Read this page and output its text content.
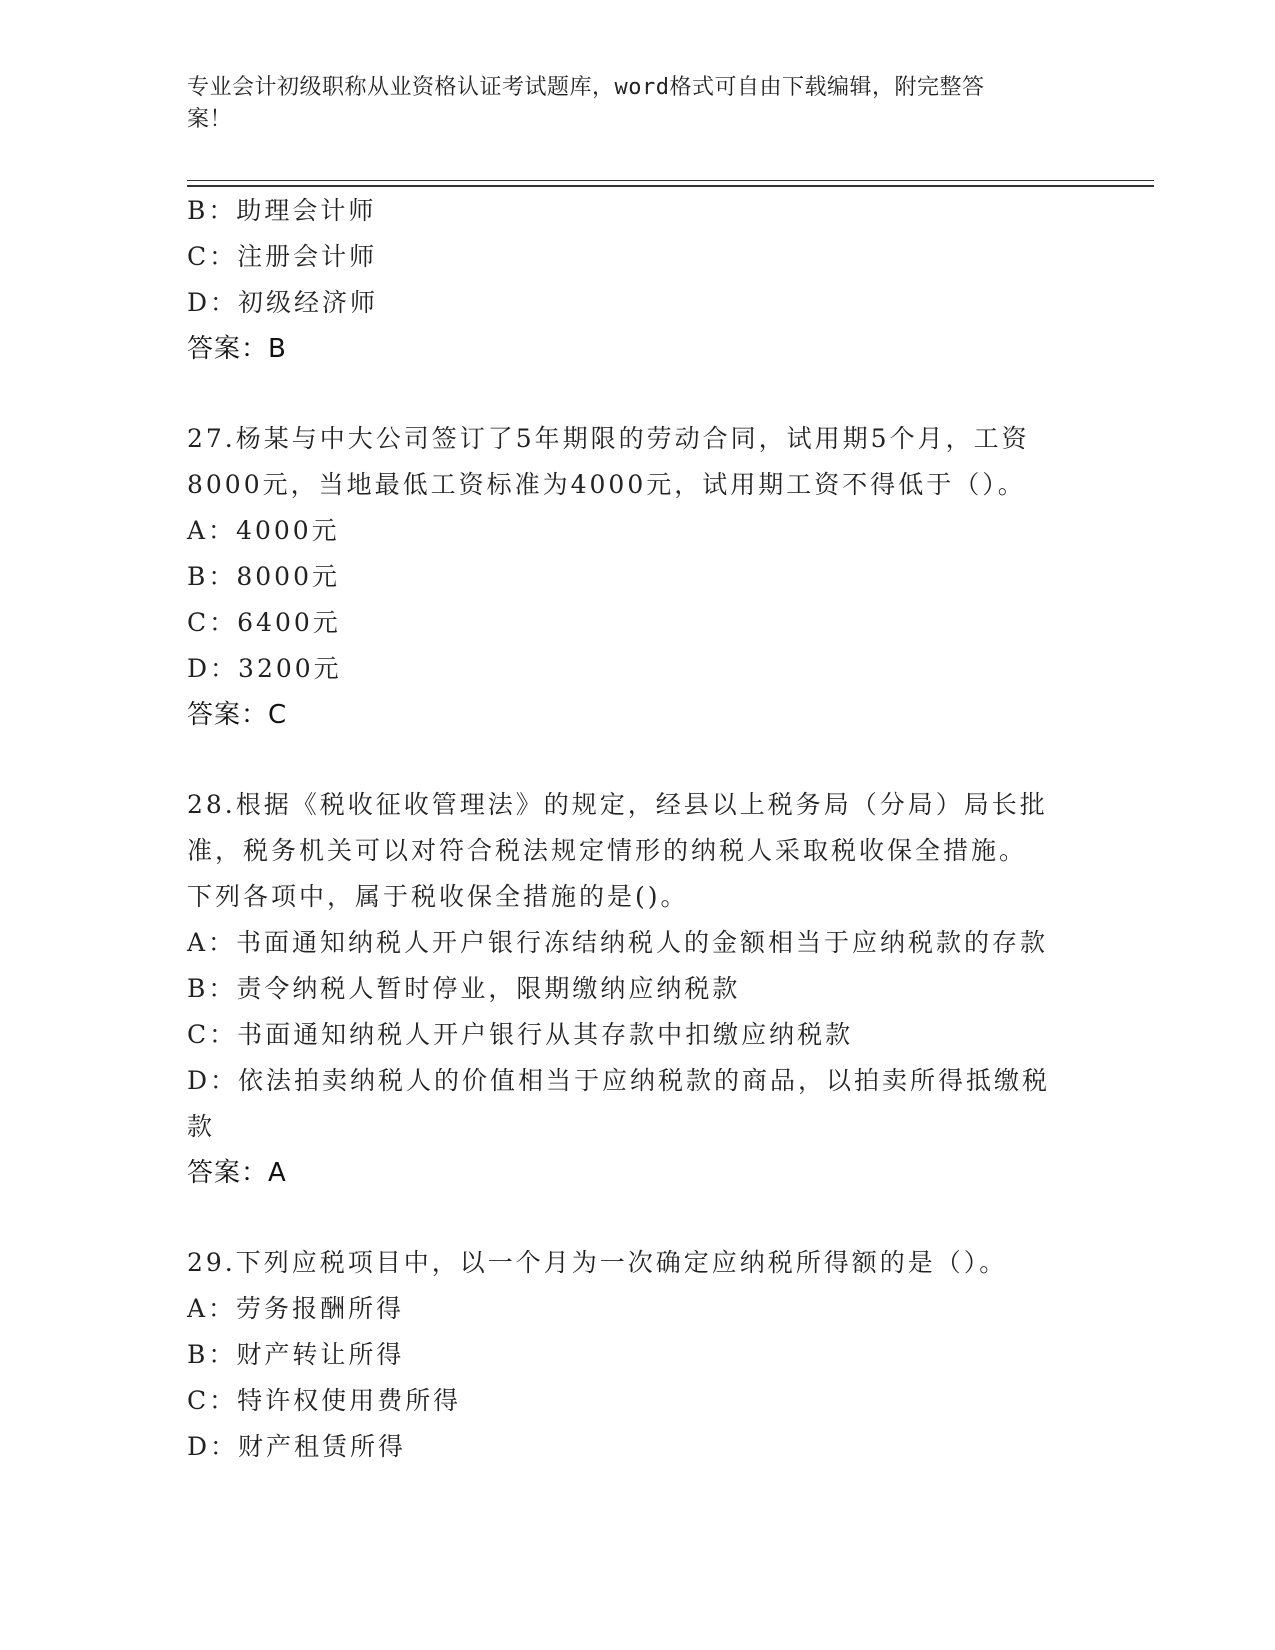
专业会计初级职称从业资格认证考试题库，word格式可自由下载编辑，附完整答
案！
B：助理会计师
C：注册会计师
D：初级经济师
答案：B
27.杨某与中大公司签订了5年期限的劳动合同，试用期5个月，工资
8000元，当地最低工资标准为4000元，试用期工资不得低于（）。
A：4000元
B：8000元
C：6400元
D：3200元
答案：C
28.根据《税收征收管理法》的规定，经县以上税务局（分局）局长批
准，税务机关可以对符合税法规定情形的纳税人采取税收保全措施。
下列各项中，属于税收保全措施的是()。
A：书面通知纳税人开户银行冻结纳税人的金额相当于应纳税款的存款
B：责令纳税人暂时停业，限期缴纳应纳税款
C：书面通知纳税人开户银行从其存款中扣缴应纳税款
D：依法拍卖纳税人的价值相当于应纳税款的商品，以拍卖所得抵缴税
款
答案：A
29.下列应税项目中，以一个月为一次确定应纳税所得额的是（）。
A：劳务报酬所得
B：财产转让所得
C：特许权使用费所得
D：财产租赁所得
